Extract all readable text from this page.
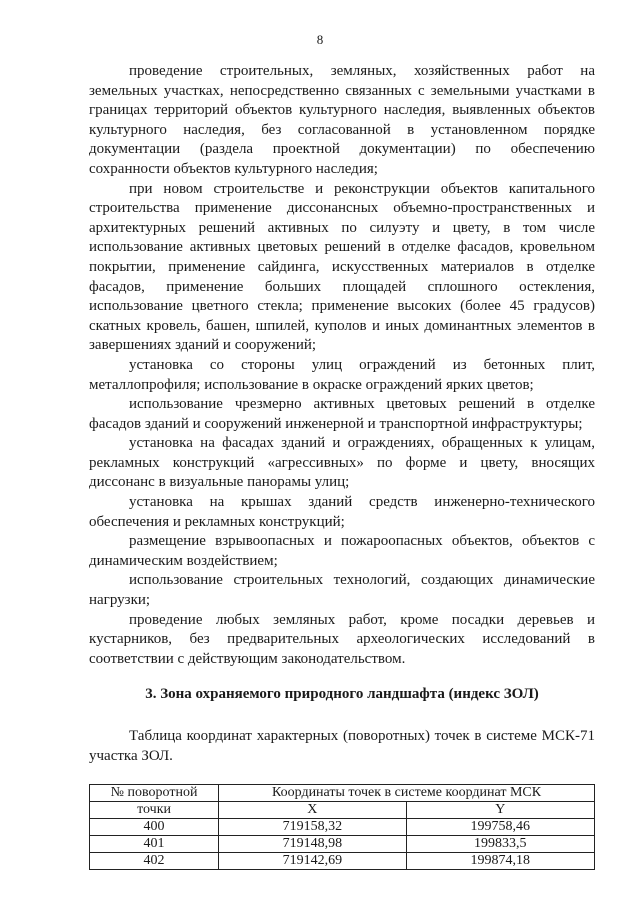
8

проведение строительных, земляных, хозяйственных работ на земельных участках, непосредственно связанных с земельными участками в границах территорий объектов культурного наследия, выявленных объектов культурного наследия, без согласованной в установленном порядке документации (раздела проектной документации) по обеспечению сохранности объектов культурного наследия;

при новом строительстве и реконструкции объектов капитального строительства применение диссонансных объемно-пространственных и архитектурных решений активных по силуэту и цвету, в том числе использование активных цветовых решений в отделке фасадов, кровельном покрытии, применение сайдинга, искусственных материалов в отделке фасадов, применение больших площадей сплошного остекления, использование цветного стекла; применение высоких (более 45 градусов) скатных кровель, башен, шпилей, куполов и иных доминантных элементов в завершениях зданий и сооружений;

установка со стороны улиц ограждений из бетонных плит, металлопрофиля; использование в окраске ограждений ярких цветов;

использование чрезмерно активных цветовых решений в отделке фасадов зданий и сооружений инженерной и транспортной инфраструктуры;

установка на фасадах зданий и ограждениях, обращенных к улицам, рекламных конструкций «агрессивных» по форме и цвету, вносящих диссонанс в визуальные панорамы улиц;

установка на крышах зданий средств инженерно-технического обеспечения и рекламных конструкций;

размещение взрывоопасных и пожароопасных объектов, объектов с динамическим воздействием;

использование строительных технологий, создающих динамические нагрузки;

проведение любых земляных работ, кроме посадки деревьев и кустарников, без предварительных археологических исследований в соответствии с действующим законодательством.

3. Зона охраняемого природного ландшафта (индекс ЗОЛ)

Таблица координат характерных (поворотных) точек в системе МСК-71 участка ЗОЛ.

№ поворотной	Координаты точек в системе координат МСК	
точки	X	Y
400	719158,32	199758,46
401	719148,98	199833,5
402	719142,69	199874,18
